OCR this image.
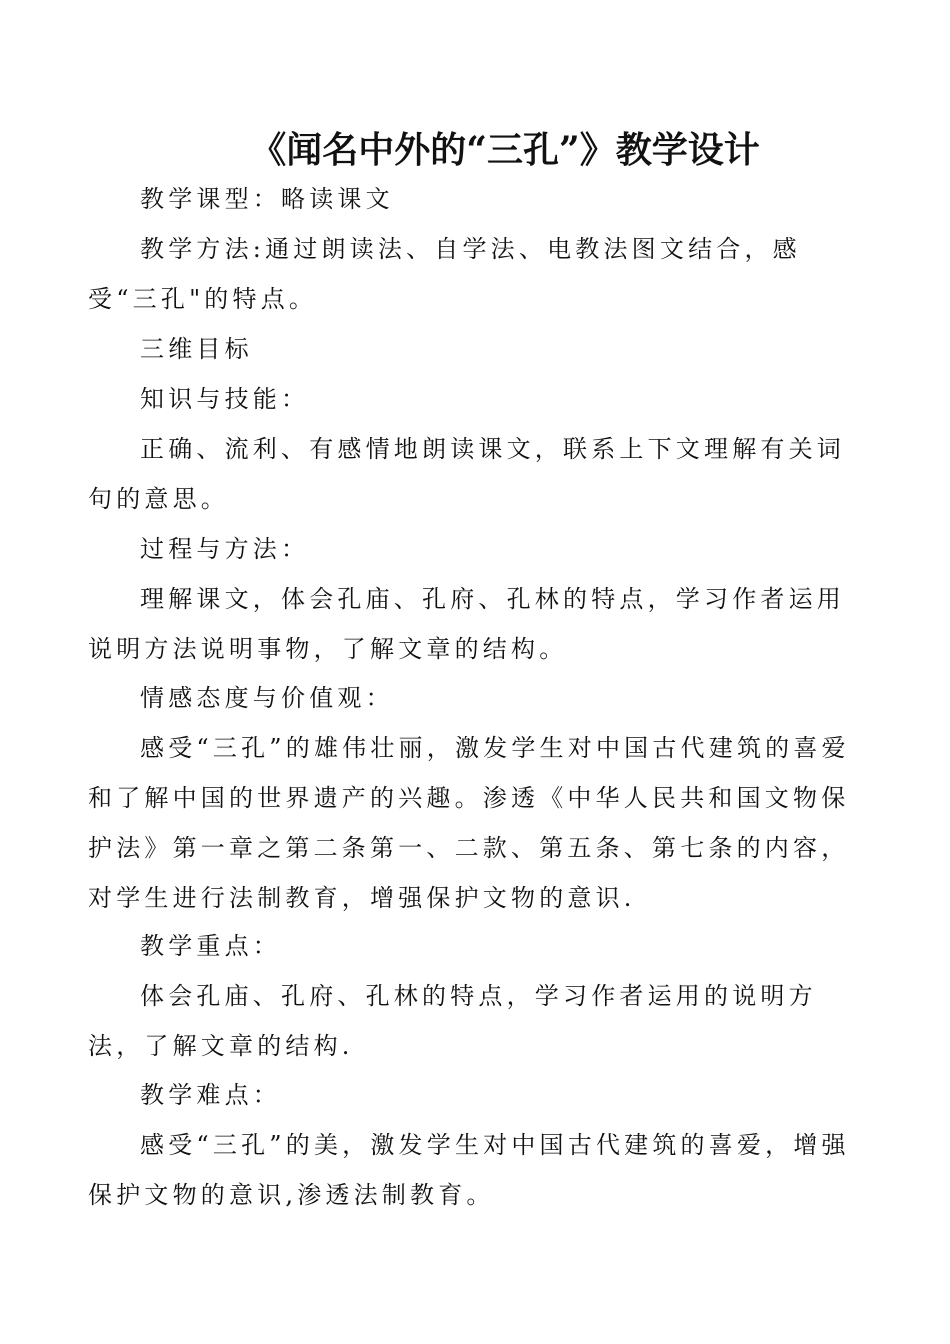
《闻名中外的“三孔”》教学设计

教学课型：略读课文

教学方法:通过朗读法、自学法、电教法图文结合，感受“三孔"的特点。

三维目标

知识与技能：

正确、流利、有感情地朗读课文，联系上下文理解有关词句的意思。

过程与方法：

理解课文，体会孔庙、孔府、孔林的特点，学习作者运用说明方法说明事物，了解文章的结构。

情感态度与价值观：

感受“三孔”的雄伟壮丽，激发学生对中国古代建筑的喜爱和了解中国的世界遗产的兴趣。渗透《中华人民共和国文物保护法》第一章之第二条第一、二款、第五条、第七条的内容，对学生进行法制教育，增强保护文物的意识.

教学重点：

体会孔庙、孔府、孔林的特点，学习作者运用的说明方法，了解文章的结构.

教学难点：

感受“三孔”的美，激发学生对中国古代建筑的喜爱，增强保护文物的意识,渗透法制教育。
